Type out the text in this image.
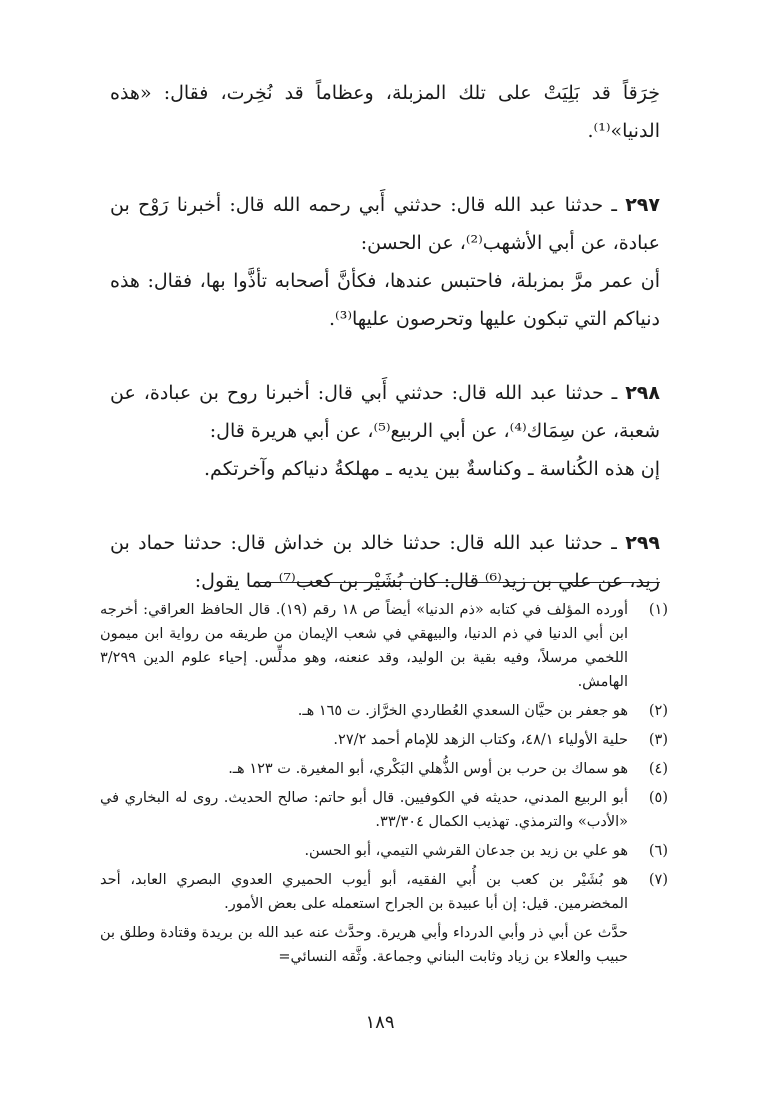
خِرَقاً قد بَلِيَتْ على تلك المزبلة، وعظاماً قد نُخِرت، فقال: «هذه الدنيا»⁽¹⁾.

٢٩٧ ـ حدثنا عبد الله قال: حدثني أَبي رحمه الله قال: أخبرنا رَوْح بن عبادة، عن أبي الأشهب⁽²⁾، عن الحسن:

أن عمر مرَّ بمزبلة، فاحتبس عندها، فكأنَّ أصحابه تأذَّوا بها، فقال: هذه دنياكم التي تبكون عليها وتحرصون عليها⁽³⁾.

٢٩٨ ـ حدثنا عبد الله قال: حدثني أَبي قال: أخبرنا روح بن عبادة، عن شعبة، عن سِمَاك⁽⁴⁾، عن أبي الربيع⁽⁵⁾، عن أبي هريرة قال:

إن هذه الكُناسة ـ وكناسةٌ بين يديه ـ مهلكةُ دنياكم وآخرتكم.

٢٩٩ ـ حدثنا عبد الله قال: حدثنا خالد بن خداش قال: حدثنا حماد بن زيد، عن علي بن زيد⁽⁶⁾ قال: كان بُشَيْر بن كعب⁽⁷⁾ مما يقول:

(١)
أورده المؤلف في كتابه «ذم الدنيا» أيضاً ص ١٨ رقم (١٩). قال الحافظ العراقي: أخرجه ابن أبي الدنيا في ذم الدنيا، والبيهقي في شعب الإيمان من طريقه من رواية ابن ميمون اللخمي مرسلاً، وفيه بقية بن الوليد، وقد عنعنه، وهو مدلِّس. إحياء علوم الدين ٣/٢٩٩ الهامش.
(٢)
هو جعفر بن حيَّان السعدي العُطاردي الخرَّاز. ت ١٦٥ هـ.
(٣)
حلية الأولياء ٤٨/١، وكتاب الزهد للإمام أحمد ٢٧/٢.
(٤)
هو سماك بن حرب بن أوس الذُّهلي البَكْري، أبو المغيرة. ت ١٢٣ هـ.
(٥)
أبو الربيع المدني، حديثه في الكوفيين. قال أبو حاتم: صالح الحديث. روى له البخاري في «الأدب» والترمذي. تهذيب الكمال ٣٣/٣٠٤.
(٦)
هو علي بن زيد بن جدعان القرشي التيمي، أبو الحسن.
(٧)
هو بُشَيْر بن كعب بن أُبي الفقيه، أبو أيوب الحميري العدوي البصري العابد، أحد المخضرمين. قيل: إن أبا عبيدة بن الجراح استعمله على بعض الأمور.
حدَّث عن أبي ذر وأبي الدرداء وأبي هريرة. وحدَّث عنه عبد الله بن بريدة وقتادة وطلق بن حبيب والعلاء بن زياد وثابت البناني وجماعة. وثَّقه النسائي=
١٨٩
